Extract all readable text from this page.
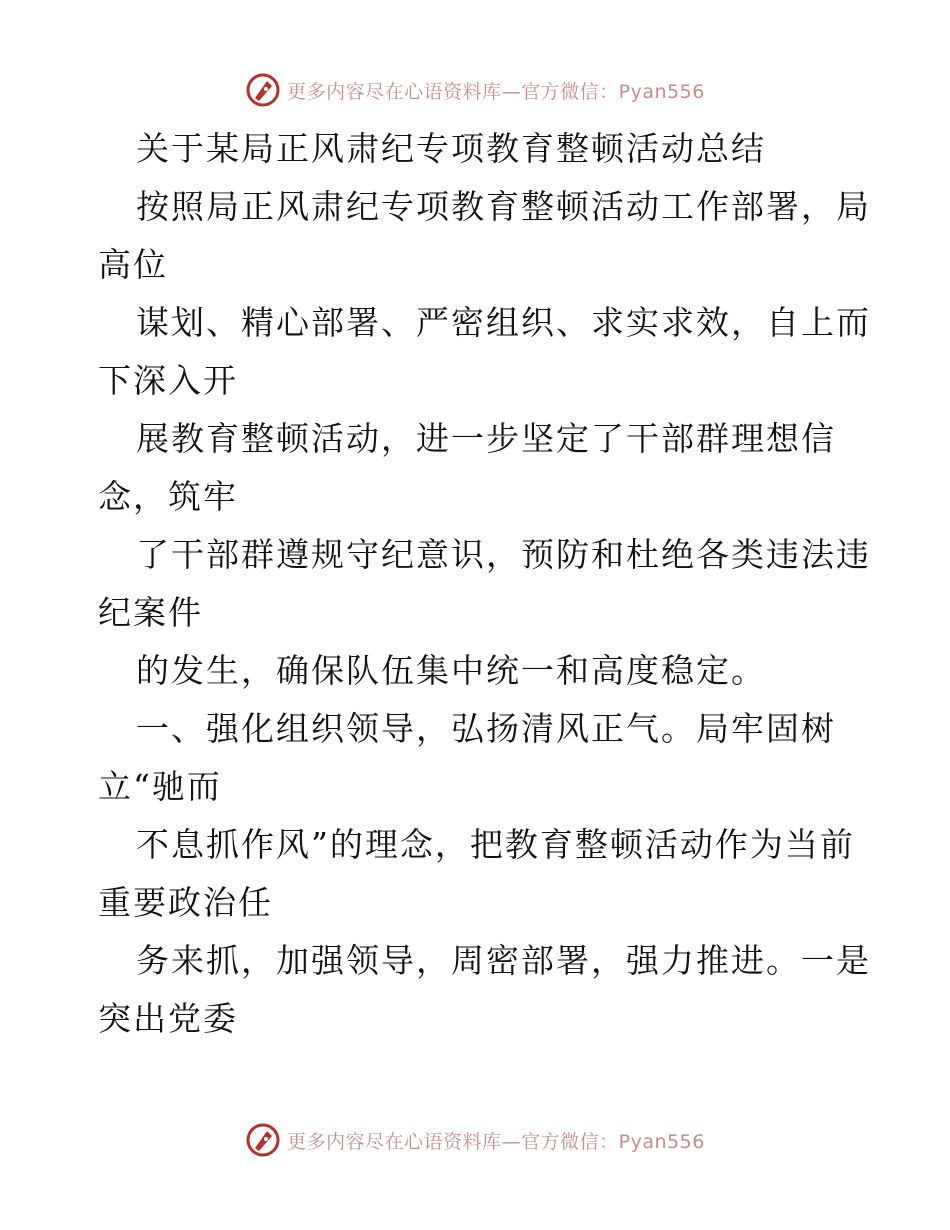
更多内容尽在心语资料库—官方微信：Pyan556
关于某局正风肃纪专项教育整顿活动总结
按照局正风肃纪专项教育整顿活动工作部署，局
高位
谋划、精心部署、严密组织、求实求效，自上而
下深入开
展教育整顿活动，进一步坚定了干部群理想信
念，筑牢
了干部群遵规守纪意识，预防和杜绝各类违法违
纪案件
的发生，确保队伍集中统一和高度稳定。
一、强化组织领导，弘扬清风正气。局牢固树
立“驰而
不息抓作风”的理念，把教育整顿活动作为当前
重要政治任
务来抓，加强领导，周密部署，强力推进。一是
突出党委
更多内容尽在心语资料库—官方微信：Pyan556
